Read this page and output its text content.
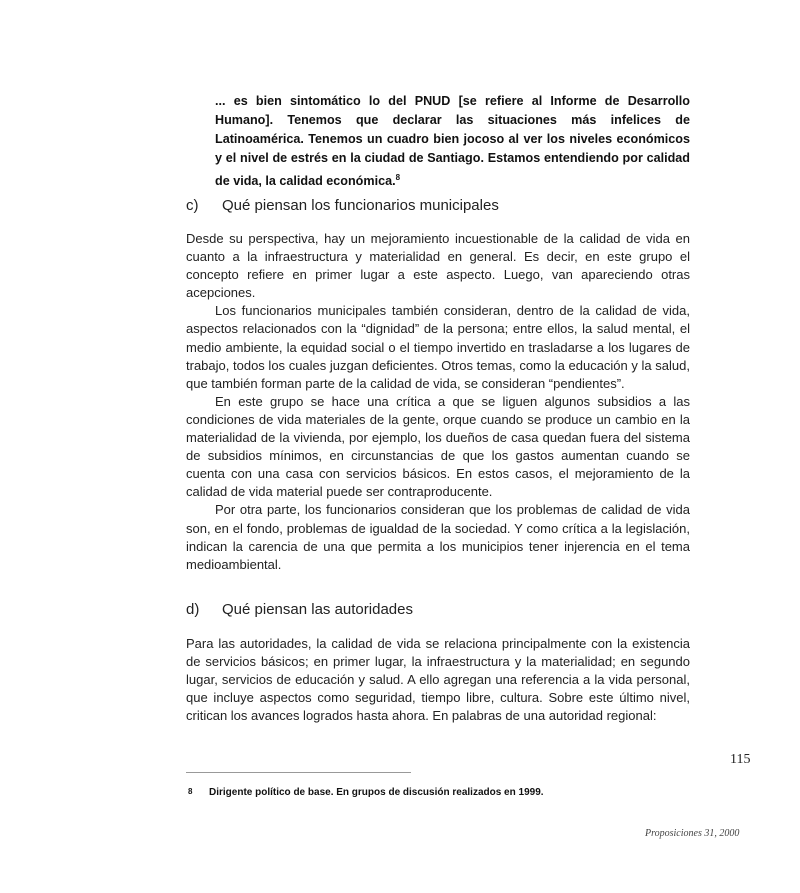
... es bien sintomático lo del PNUD [se refiere al Informe de Desarrollo Humano]. Tenemos que declarar las situaciones más infelices de Latinoamérica. Tenemos un cuadro bien jocoso al ver los niveles económicos y el nivel de estrés en la ciudad de Santiago. Estamos entendiendo por calidad de vida, la calidad económica.$^8$
c) Qué piensan los funcionarios municipales

Desde su perspectiva, hay un mejoramiento incuestionable de la calidad de vida en cuanto a la infraestructura y materialidad en general. Es decir, en este grupo el concepto refiere en primer lugar a este aspecto. Luego, van apareciendo otras acepciones.

Los funcionarios municipales también consideran, dentro de la calidad de vida, aspectos relacionados con la “dignidad” de la persona; entre ellos, la salud mental, el medio ambiente, la equidad social o el tiempo invertido en trasladarse a los lugares de trabajo, todos los cuales juzgan deficientes. Otros temas, como la educación y la salud, que también forman parte de la calidad de vida, se consideran “pendientes”.

En este grupo se hace una crítica a que se liguen algunos subsidios a las condiciones de vida materiales de la gente, orque cuando se produce un cambio en la materialidad de la vivienda, por ejemplo, los dueños de casa quedan fuera del sistema de subsidios mínimos, en circunstancias de que los gastos aumentan cuando se cuenta con una casa con servicios básicos. En estos casos, el mejoramiento de la calidad de vida material puede ser contraproducente.

Por otra parte, los funcionarios consideran que los problemas de calidad de vida son, en el fondo, problemas de igualdad de la sociedad. Y como crítica a la legislación, indican la carencia de una que permita a los municipios tener injerencia en el tema medioambiental.

d) Qué piensan las autoridades

Para las autoridades, la calidad de vida se relaciona principalmente con la existencia de servicios básicos; en primer lugar, la infraestructura y la materialidad; en segundo lugar, servicios de educación y salud. A ello agregan una referencia a la vida personal, que incluye aspectos como seguridad, tiempo libre, cultura. Sobre este último nivel, critican los avances logrados hasta ahora. En palabras de una autoridad regional:

115
8 Dirigente político de base. En grupos de discusión realizados en 1999.
Proposiciones 31, 2000
